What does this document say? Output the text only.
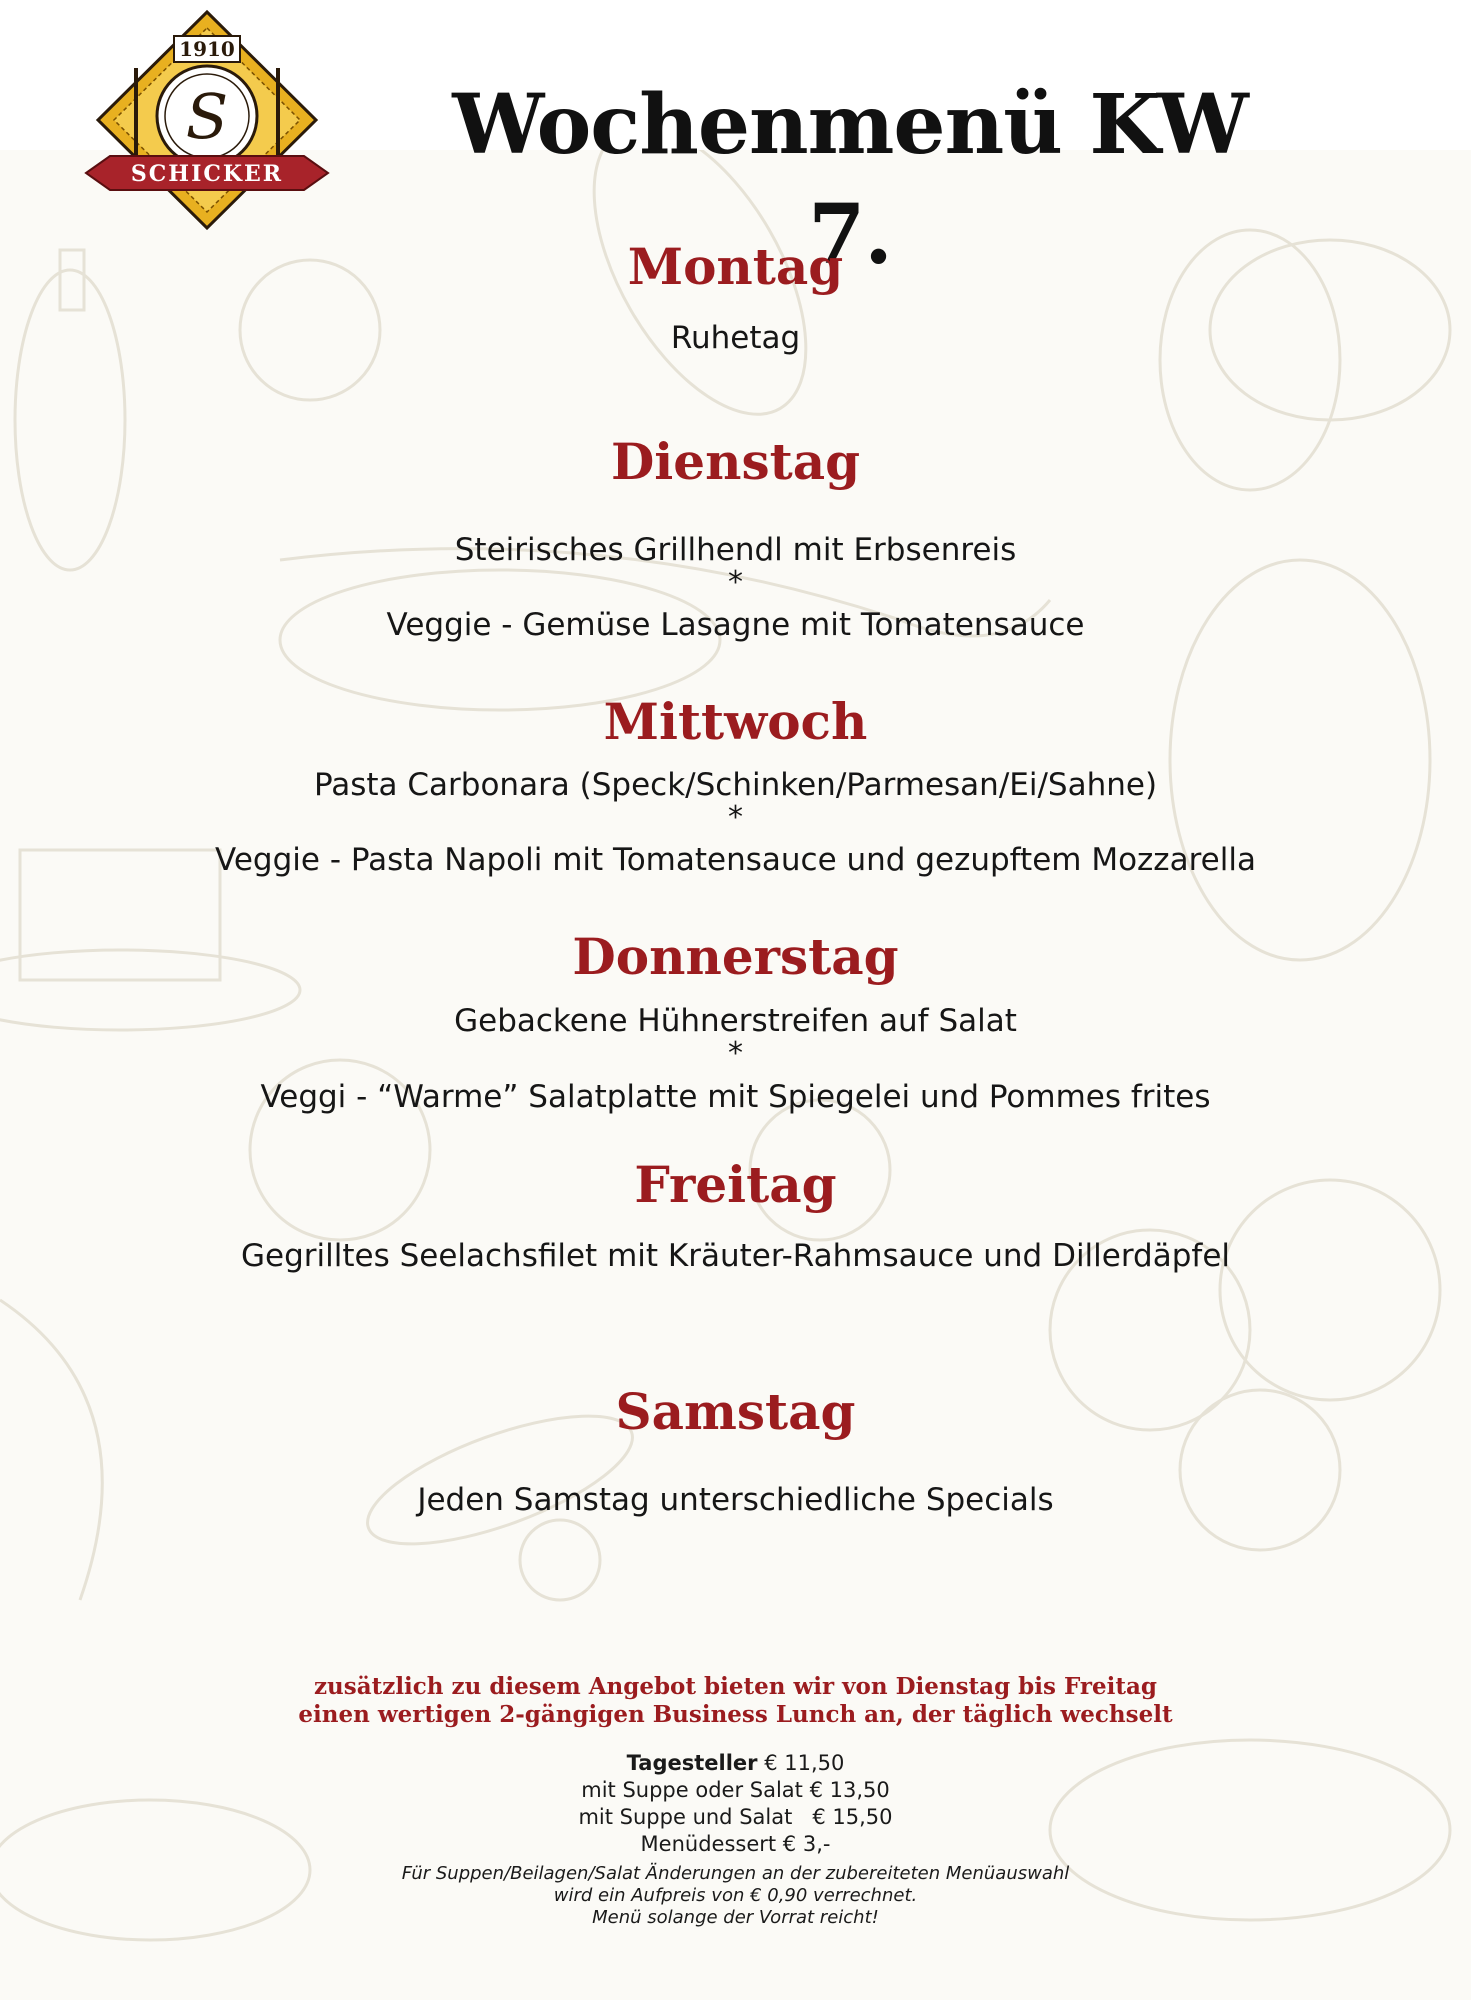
S
1910
SCHICKER
Wochenmenü KW 7.
Montag

Ruhetag

Dienstag

Steirisches Grillhendl mit Erbsenreis

*

Veggie - Gemüse Lasagne mit Tomatensauce

Mittwoch

Pasta Carbonara (Speck/Schinken/Parmesan/Ei/Sahne)

*

Veggie - Pasta Napoli mit Tomatensauce und gezupftem Mozzarella

Donnerstag

Gebackene Hühnerstreifen auf Salat

*

Veggi - “Warme” Salatplatte mit Spiegelei und Pommes frites

Freitag

Gegrilltes Seelachsfilet mit Kräuter-Rahmsauce und Dillerdäpfel

Samstag

Jeden Samstag unterschiedliche Specials

zusätzlich zu diesem Angebot bieten wir von Dienstag bis Freitag

einen wertigen 2-gängigen Business Lunch an, der täglich wechselt

Tagesteller € 11,50
mit Suppe oder Salat € 13,50
mit Suppe und Salat   € 15,50
Menüdessert € 3,-
Für Suppen/Beilagen/Salat Änderungen an der zubereiteten Menüauswahl
wird ein Aufpreis von € 0,90 verrechnet.
Menü solange der Vorrat reicht!
